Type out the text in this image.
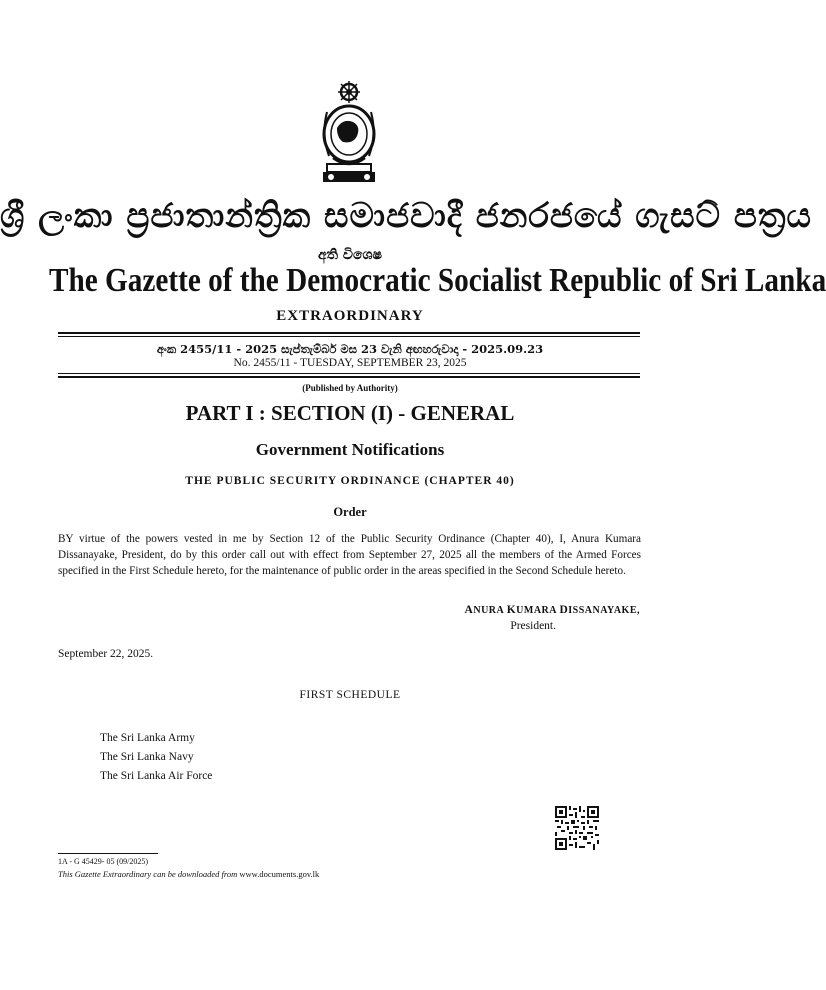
ශ්‍රී ලංකා ප්‍රජාතාන්ත්‍රික සමාජවාදී ජනරජයේ ගැසට් පත්‍රය
අති විශෙෂ
The Gazette of the Democratic Socialist Republic of Sri Lanka
EXTRAORDINARY
අංක 2455/11 - 2025 සැප්තැම්බර් මස 23 වැනි අඟහරුවාදා - 2025.09.23
No. 2455/11 - TUESDAY, SEPTEMBER 23, 2025
(Published by Authority)
PART I : SECTION (I) - GENERAL
Government Notifications
THE PUBLIC SECURITY ORDINANCE (CHAPTER 40)
Order
BY virtue of the powers vested in me by Section 12 of the Public Security Ordinance (Chapter 40), I, Anura Kumara Dissanayake, President, do by this order call out with effect from September 27, 2025 all the members of the Armed Forces specified in the First Schedule hereto, for the maintenance of public order in the areas specified in the Second Schedule hereto.
ANURA KUMARA DISSANAYAKE,
President.
September 22, 2025.
FIRST SCHEDULE
The Sri Lanka Army
The Sri Lanka Navy
The Sri Lanka Air Force
1A - G 45429- 05 (09/2025)
This Gazette Extraordinary can be downloaded from www.documents.gov.lk
